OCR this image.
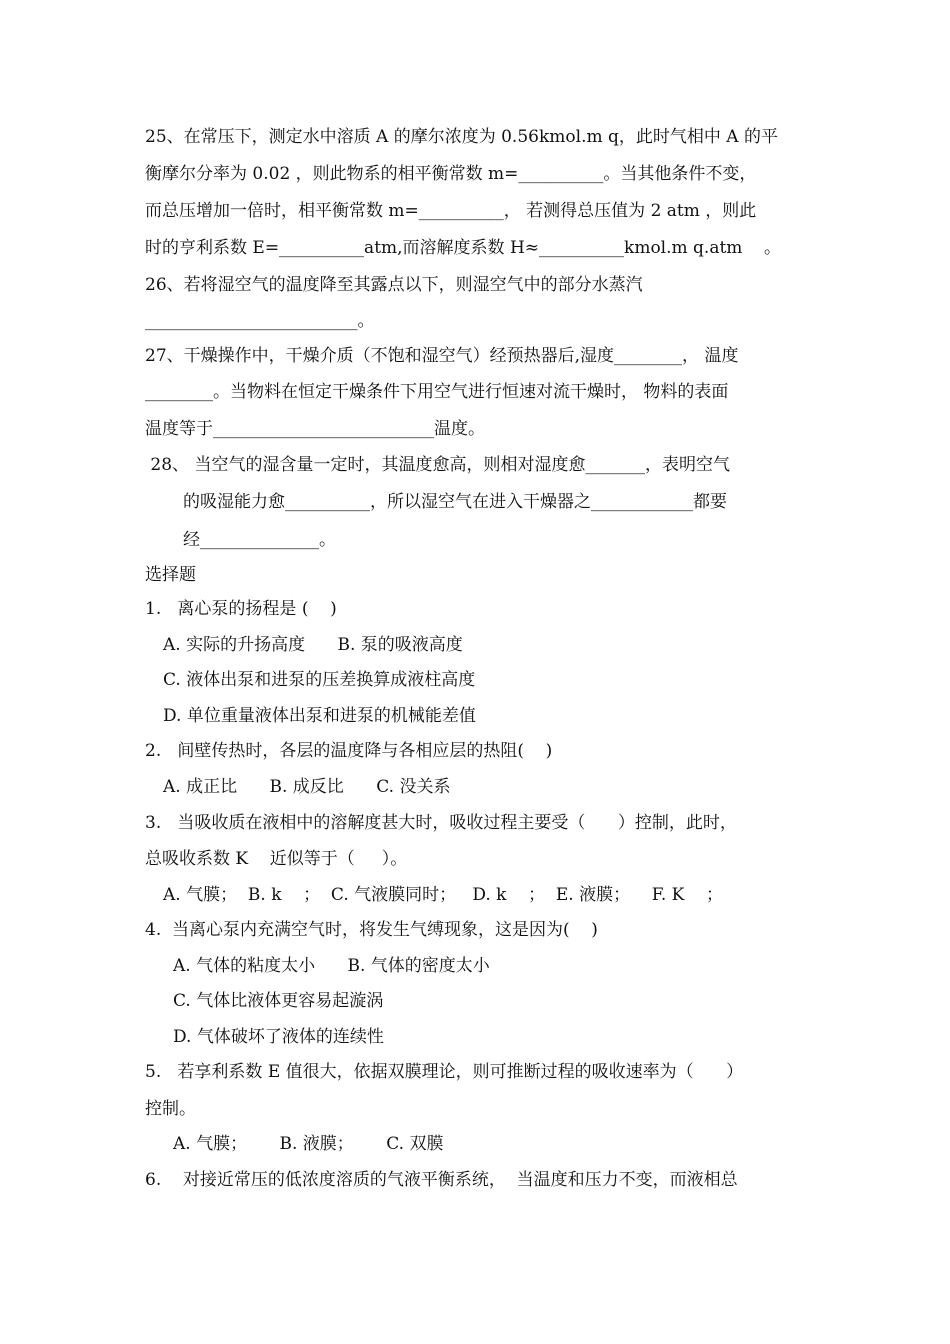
25、在常压下，测定水中溶质 A 的摩尔浓度为 0.56kmol.m q，此时气相中 A 的平
衡摩尔分率为 0.02 ，则此物系的相平衡常数 m=__________。当其他条件不变，
而总压增加一倍时，相平衡常数 m=__________， 若测得总压值为 2 atm ，则此
时的亨利系数 E=__________atm,而溶解度系数 H≈__________kmol.m q.atm    。
26、若将湿空气的温度降至其露点以下，则湿空气中的部分水蒸汽
_________________________。
27、干燥操作中，干燥介质（不饱和湿空气）经预热器后,湿度________， 温度
________。当物料在恒定干燥条件下用空气进行恒速对流干燥时， 物料的表面
温度等于__________________________温度。
28、 当空气的湿含量一定时，其温度愈高，则相对湿度愈_______，表明空气
的吸湿能力愈__________，所以湿空气在进入干燥器之____________都要
经______________。
选择题
1.   离心泵的扬程是 (    )
A. 实际的升扬高度      B. 泵的吸液高度
C. 液体出泵和进泵的压差换算成液柱高度
D. 单位重量液体出泵和进泵的机械能差值
2.   间壁传热时，各层的温度降与各相应层的热阻(    )
A. 成正比      B. 成反比      C. 没关系
3.   当吸收质在液相中的溶解度甚大时，吸收过程主要受（      ）控制，此时，
总吸收系数 K    近似等于（     ）。
A. 气膜；  B. k    ；  C. 气液膜同时；   D. k    ；  E. 液膜；    F. K    ；
4.  当离心泵内充满空气时，将发生气缚现象，这是因为(    )
A. 气体的粘度太小      B. 气体的密度太小
C. 气体比液体更容易起漩涡
D. 气体破坏了液体的连续性
5.   若享利系数 E 值很大，依据双膜理论，则可推断过程的吸收速率为（      ）
控制。
A. 气膜；      B. 液膜；      C. 双膜
6.    对接近常压的低浓度溶质的气液平衡系统，  当温度和压力不变，而液相总
